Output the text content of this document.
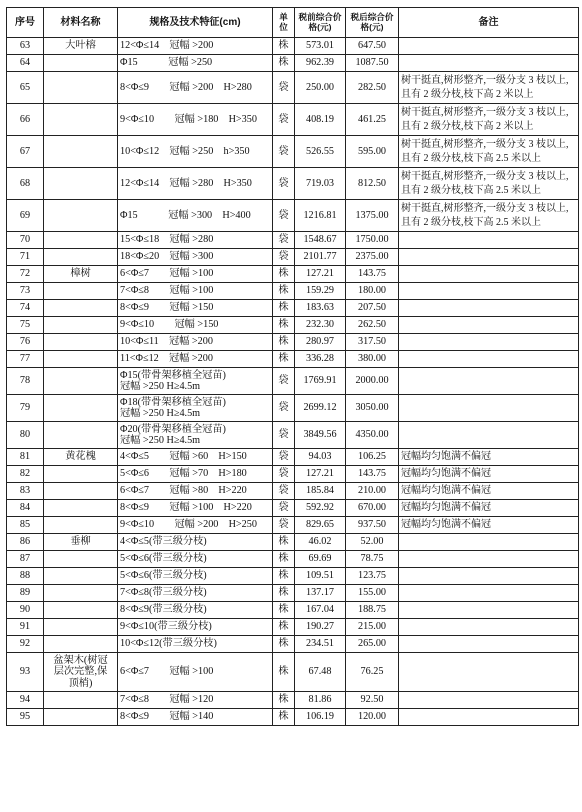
序号	材料名称	规格及技术特征(cm)	单位	税前综合价格(元)	税后综合价格(元)	备注
63	大叶榕	12<Φ≤14　冠幅 >200	株	573.01	647.50	
64		Φ15　　　冠幅 >250	株	962.39	1087.50	
65		8<Φ≤9　　冠幅 >200　H>280	袋	250.00	282.50	树干挺直,树形整齐,一级分支 3 枝以上,且有 2 级分枝,枝下高 2 米以上
66		9<Φ≤10　　冠幅 >180　H>350	袋	408.19	461.25	树干挺直,树形整齐,一级分支 3 枝以上,且有 2 级分枝,枝下高 2 米以上
67		10<Φ≤12　冠幅 >250　h>350	袋	526.55	595.00	树干挺直,树形整齐,一级分支 3 枝以上,且有 2 级分枝,枝下高 2.5 米以上
68		12<Φ≤14　冠幅 >280　H>350	袋	719.03	812.50	树干挺直,树形整齐,一级分支 3 枝以上,且有 2 级分枝,枝下高 2.5 米以上
69		Φ15　　　冠幅 >300　H>400	袋	1216.81	1375.00	树干挺直,树形整齐,一级分支 3 枝以上,且有 2 级分枝,枝下高 2.5 米以上
70		15<Φ≤18　冠幅 >280	袋	1548.67	1750.00	
71		18<Φ≤20　冠幅 >300	袋	2101.77	2375.00	
72	樟树	6<Φ≤7　　冠幅 >100	株	127.21	143.75	
73		7<Φ≤8　　冠幅 >100	株	159.29	180.00	
74		8<Φ≤9　　冠幅 >150	株	183.63	207.50	
75		9<Φ≤10　　冠幅 >150	株	232.30	262.50	
76		10<Φ≤11　冠幅 >200	株	280.97	317.50	
77		11<Φ≤12　冠幅 >200	株	336.28	380.00	
78		Φ15(带骨架移植全冠苗)
冠幅 >250 H≥4.5m	袋	1769.91	2000.00	
79		Φ18(带骨架移植全冠苗)
冠幅 >250 H≥4.5m	袋	2699.12	3050.00	
80		Φ20(带骨架移植全冠苗)
冠幅 >250 H≥4.5m	袋	3849.56	4350.00	
81	黄花槐	4<Φ≤5　　冠幅 >60　H>150	袋	94.03	106.25	冠幅均匀饱满不偏冠
82		5<Φ≤6　　冠幅 >70　H>180	袋	127.21	143.75	冠幅均匀饱满不偏冠
83		6<Φ≤7　　冠幅 >80　H>220	袋	185.84	210.00	冠幅均匀饱满不偏冠
84		8<Φ≤9　　冠幅 >100　H>220	袋	592.92	670.00	冠幅均匀饱满不偏冠
85		9<Φ≤10　　冠幅 >200　H>250	袋	829.65	937.50	冠幅均匀饱满不偏冠
86	垂柳	4<Φ≤5(带三级分枝)	株	46.02	52.00	
87		5<Φ≤6(带三级分枝)	株	69.69	78.75	
88		5<Φ≤6(带三级分枝)	株	109.51	123.75	
89		7<Φ≤8(带三级分枝)	株	137.17	155.00	
90		8<Φ≤9(带三级分枝)	株	167.04	188.75	
91		9<Φ≤10(带三级分枝)	株	190.27	215.00	
92		10<Φ≤12(带三级分枝)	株	234.51	265.00	
93	盆架木(树冠
层次完整,保
顶梢)	6<Φ≤7　　冠幅 >100	株	67.48	76.25	
94		7<Φ≤8　　冠幅 >120	株	81.86	92.50	
95		8<Φ≤9　　冠幅 >140	株	106.19	120.00	
